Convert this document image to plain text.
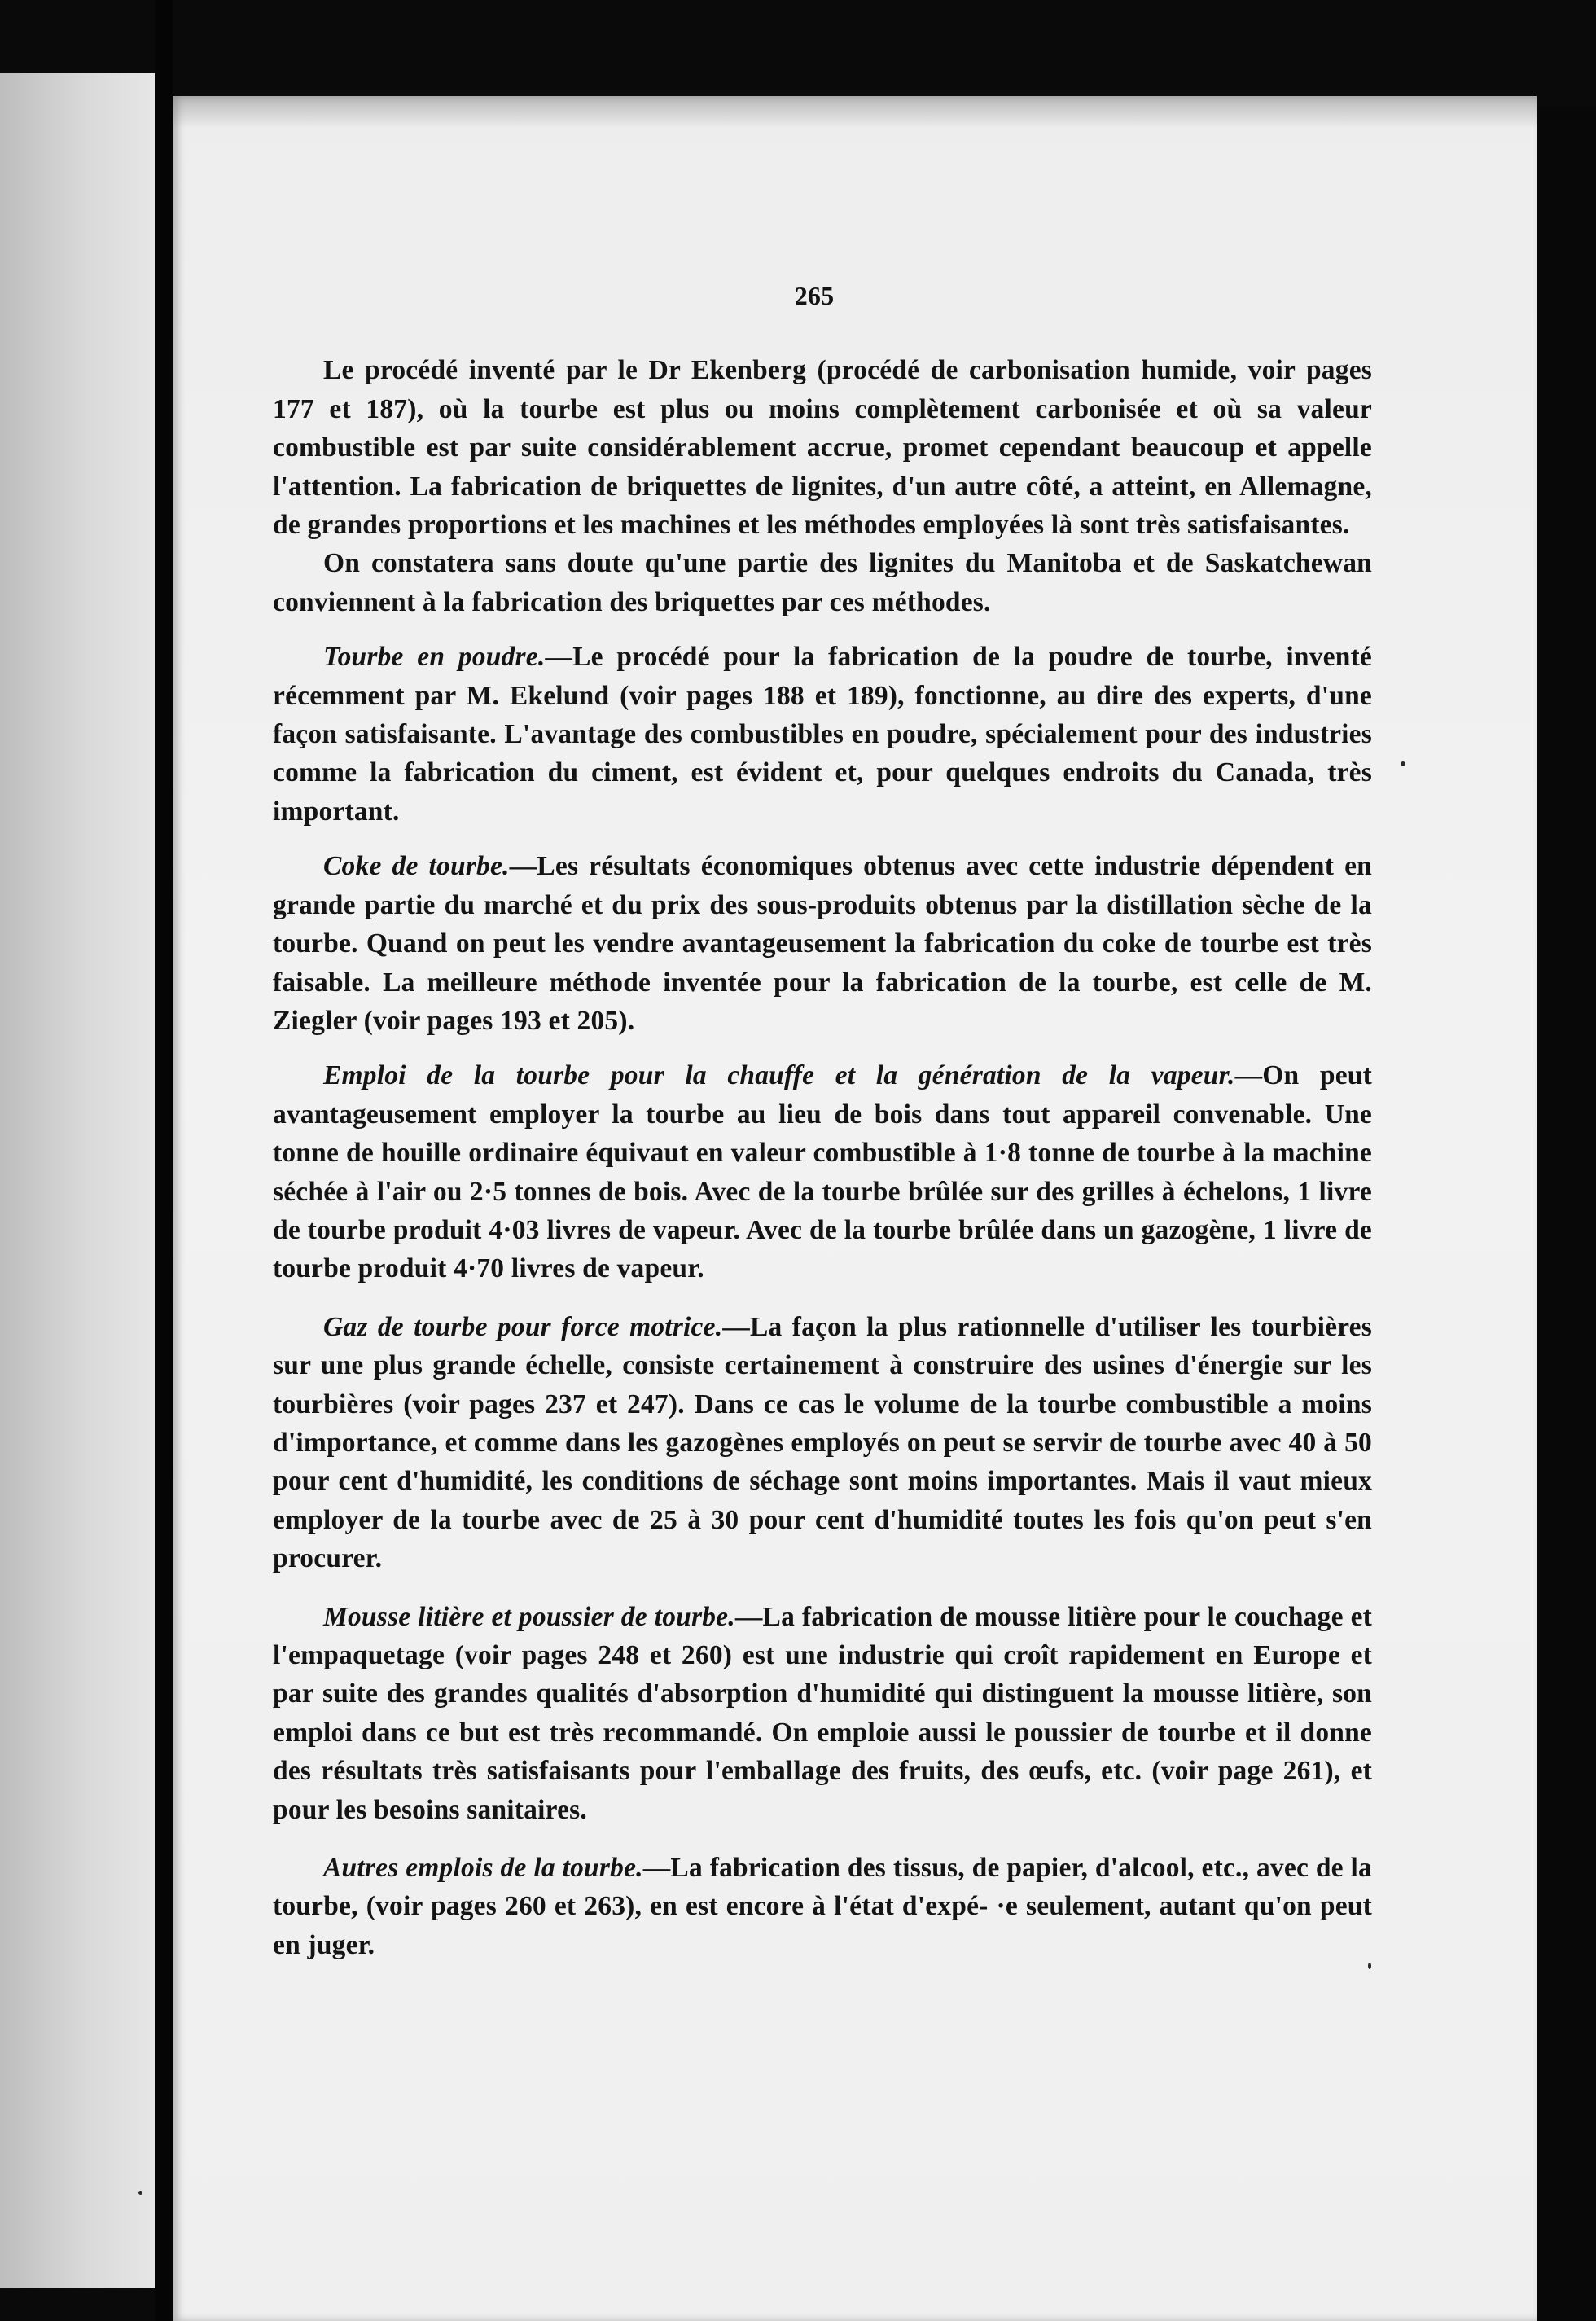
265

Le procédé inventé par le Dr Ekenberg (procédé de carbonisation humide, voir pages 177 et 187), où la tourbe est plus ou moins complètement carbonisée et où sa valeur combustible est par suite considérablement accrue, promet cependant beaucoup et appelle l'attention. La fabrication de briquettes de lignites, d'un autre côté, a atteint, en Allemagne, de grandes proportions et les machines et les méthodes employées là sont très satisfaisantes.

On constatera sans doute qu'une partie des lignites du Manitoba et de Saskatchewan conviennent à la fabrication des briquettes par ces méthodes.

Tourbe en poudre.—Le procédé pour la fabrication de la poudre de tourbe, inventé récemment par M. Ekelund (voir pages 188 et 189), fonctionne, au dire des experts, d'une façon satisfaisante. L'avantage des combustibles en poudre, spécialement pour des industries comme la fabrication du ciment, est évident et, pour quelques endroits du Canada, très important.

Coke de tourbe.—Les résultats économiques obtenus avec cette industrie dépendent en grande partie du marché et du prix des sous-produits obtenus par la distillation sèche de la tourbe. Quand on peut les vendre avantageusement la fabrication du coke de tourbe est très faisable. La meilleure méthode inventée pour la fabrication de la tourbe, est celle de M. Ziegler (voir pages 193 et 205).

Emploi de la tourbe pour la chauffe et la génération de la vapeur.—On peut avantageusement employer la tourbe au lieu de bois dans tout appareil convenable. Une tonne de houille ordinaire équivaut en valeur combustible à 1·8 tonne de tourbe à la machine séchée à l'air ou 2·5 tonnes de bois. Avec de la tourbe brûlée sur des grilles à échelons, 1 livre de tourbe produit 4·03 livres de vapeur. Avec de la tourbe brûlée dans un gazogène, 1 livre de tourbe produit 4·70 livres de vapeur.

Gaz de tourbe pour force motrice.—La façon la plus rationnelle d'utiliser les tourbières sur une plus grande échelle, consiste certainement à construire des usines d'énergie sur les tourbières (voir pages 237 et 247). Dans ce cas le volume de la tourbe combustible a moins d'importance, et comme dans les gazogènes employés on peut se servir de tourbe avec 40 à 50 pour cent d'humidité, les conditions de séchage sont moins importantes. Mais il vaut mieux employer de la tourbe avec de 25 à 30 pour cent d'humidité toutes les fois qu'on peut s'en procurer.

Mousse litière et poussier de tourbe.—La fabrication de mousse litière pour le couchage et l'empaquetage (voir pages 248 et 260) est une industrie qui croît rapidement en Europe et par suite des grandes qualités d'absorption d'humidité qui distinguent la mousse litière, son emploi dans ce but est très recommandé. On emploie aussi le poussier de tourbe et il donne des résultats très satisfaisants pour l'emballage des fruits, des œufs, etc. (voir page 261), et pour les besoins sanitaires.

Autres emplois de la tourbe.—La fabrication des tissus, de papier, d'alcool, etc., avec de la tourbe, (voir pages 260 et 263), en est encore à l'état d'expé- ·e seulement, autant qu'on peut en juger.
